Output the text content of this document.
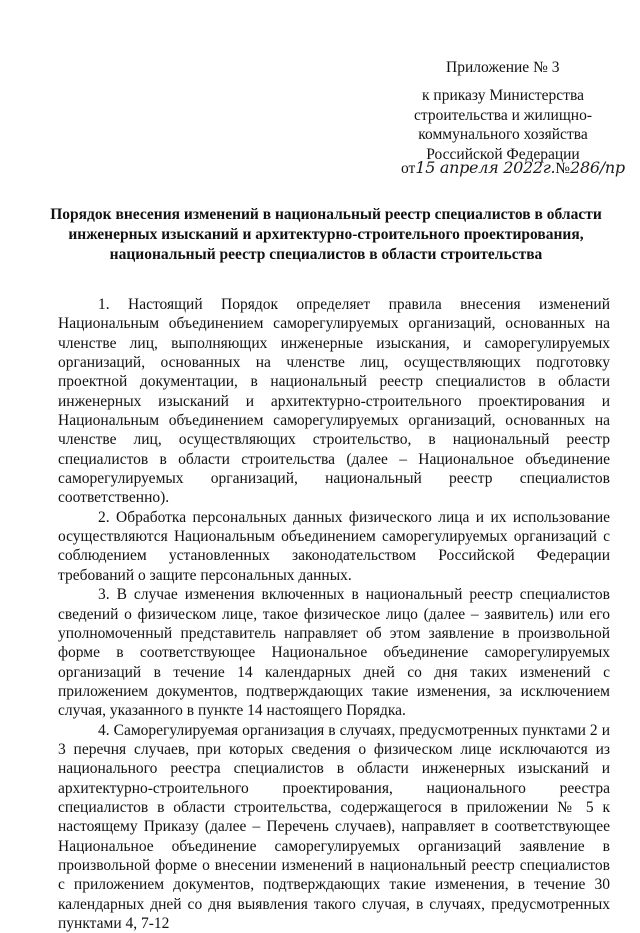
Приложение № 3
к приказу Министерства
строительства и жилищно-
коммунального хозяйства
Российской Федерации
от15 апреля 2022г.№286/пр
Порядок внесения изменений в национальный реестр специалистов в области
инженерных изысканий и архитектурно-строительного проектирования,
национальный реестр специалистов в области строительства

1. Настоящий Порядок определяет правила внесения изменений Национальным объединением саморегулируемых организаций, основанных на членстве лиц, выполняющих инженерные изыскания, и саморегулируемых организаций, основанных на членстве лиц, осуществляющих подготовку проектной документации, в национальный реестр специалистов в области инженерных изысканий и архитектурно-строительного проектирования и Национальным объединением саморегулируемых организаций, основанных на членстве лиц, осуществляющих строительство, в национальный реестр специалистов в области строительства (далее – Национальное объединение саморегулируемых организаций, национальный реестр специалистов соответственно).

2. Обработка персональных данных физического лица и их использование осуществляются Национальным объединением саморегулируемых организаций с соблюдением установленных законодательством Российской Федерации требований о защите персональных данных.

3. В случае изменения включенных в национальный реестр специалистов сведений о физическом лице, такое физическое лицо (далее – заявитель) или его уполномоченный представитель направляет об этом заявление в произвольной форме в соответствующее Национальное объединение саморегулируемых организаций в течение 14 календарных дней со дня таких изменений с приложением документов, подтверждающих такие изменения, за исключением случая, указанного в пункте 14 настоящего Порядка.

4. Саморегулируемая организация в случаях, предусмотренных пунктами 2 и 3 перечня случаев, при которых сведения о физическом лице исключаются из национального реестра специалистов в области инженерных изысканий и архитектурно-строительного проектирования, национального реестра специалистов в области строительства, содержащегося в приложении № 5 к настоящему Приказу (далее – Перечень случаев), направляет в соответствующее Национальное объединение саморегулируемых организаций заявление в произвольной форме о внесении изменений в национальный реестр специалистов с приложением документов, подтверждающих такие изменения, в течение 30 календарных дней со дня выявления такого случая, в случаях, предусмотренных пунктами 4, 7-12
